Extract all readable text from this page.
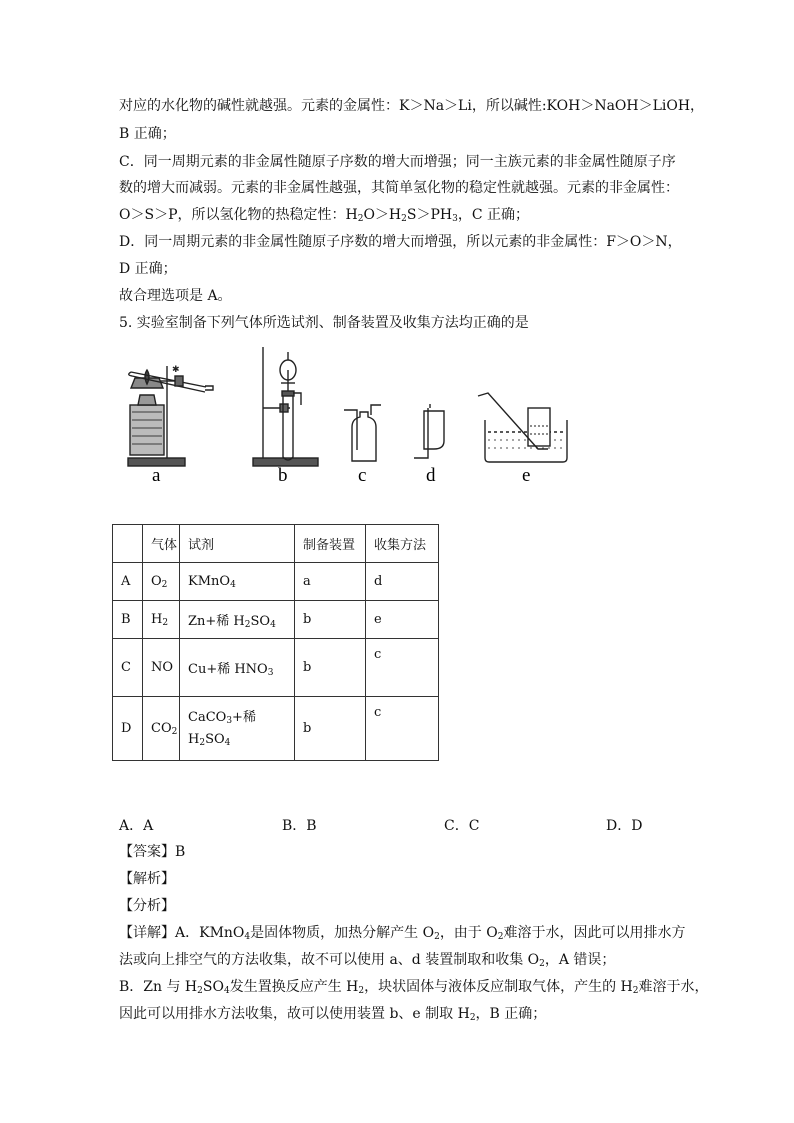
对应的水化物的碱性就越强。元素的金属性：K＞Na＞Li，所以碱性:KOH＞NaOH＞LiOH，
B 正确；
C．同一周期元素的非金属性随原子序数的增大而增强；同一主族元素的非金属性随原子序
数的增大而减弱。元素的非金属性越强，其简单氢化物的稳定性就越强。元素的非金属性：
O＞S＞P，所以氢化物的热稳定性：$H_2O>H_2S>PH_3$，C 正确；
D．同一周期元素的非金属性随原子序数的增大而增强，所以元素的非金属性：F＞O＞N，
D 正确；
故合理选项是 A。
5. 实验室制备下列气体所选试剂、制备装置及收集方法均正确的是
✱
a	b	c	d	e
	气体	试剂	制备装置	收集方法
A	$O_2$	KMnO$_4$	a	d
B	$H_2$	Zn+稀 $H_2SO_4$	b	e
C	NO	Cu+稀 $HNO_3$	b	c
D	$CO_2$	CaCO$_3$+稀
$H_2SO_4$	b	c
A．A	B．B	C．C	D．D
【答案】B
【解析】
【分析】
【详解】A．KMnO$_4$是固体物质，加热分解产生 $O_2$，由于 $O_2$难溶于水，因此可以用排水方
法或向上排空气的方法收集，故不可以使用 a、d 装置制取和收集 $O_2$，A 错误；
B．Zn 与 $H_2SO_4$发生置换反应产生 $H_2$，块状固体与液体反应制取气体，产生的 $H_2$难溶于水，
因此可以用排水方法收集，故可以使用装置 b、e 制取 $H_2$，B 正确；
